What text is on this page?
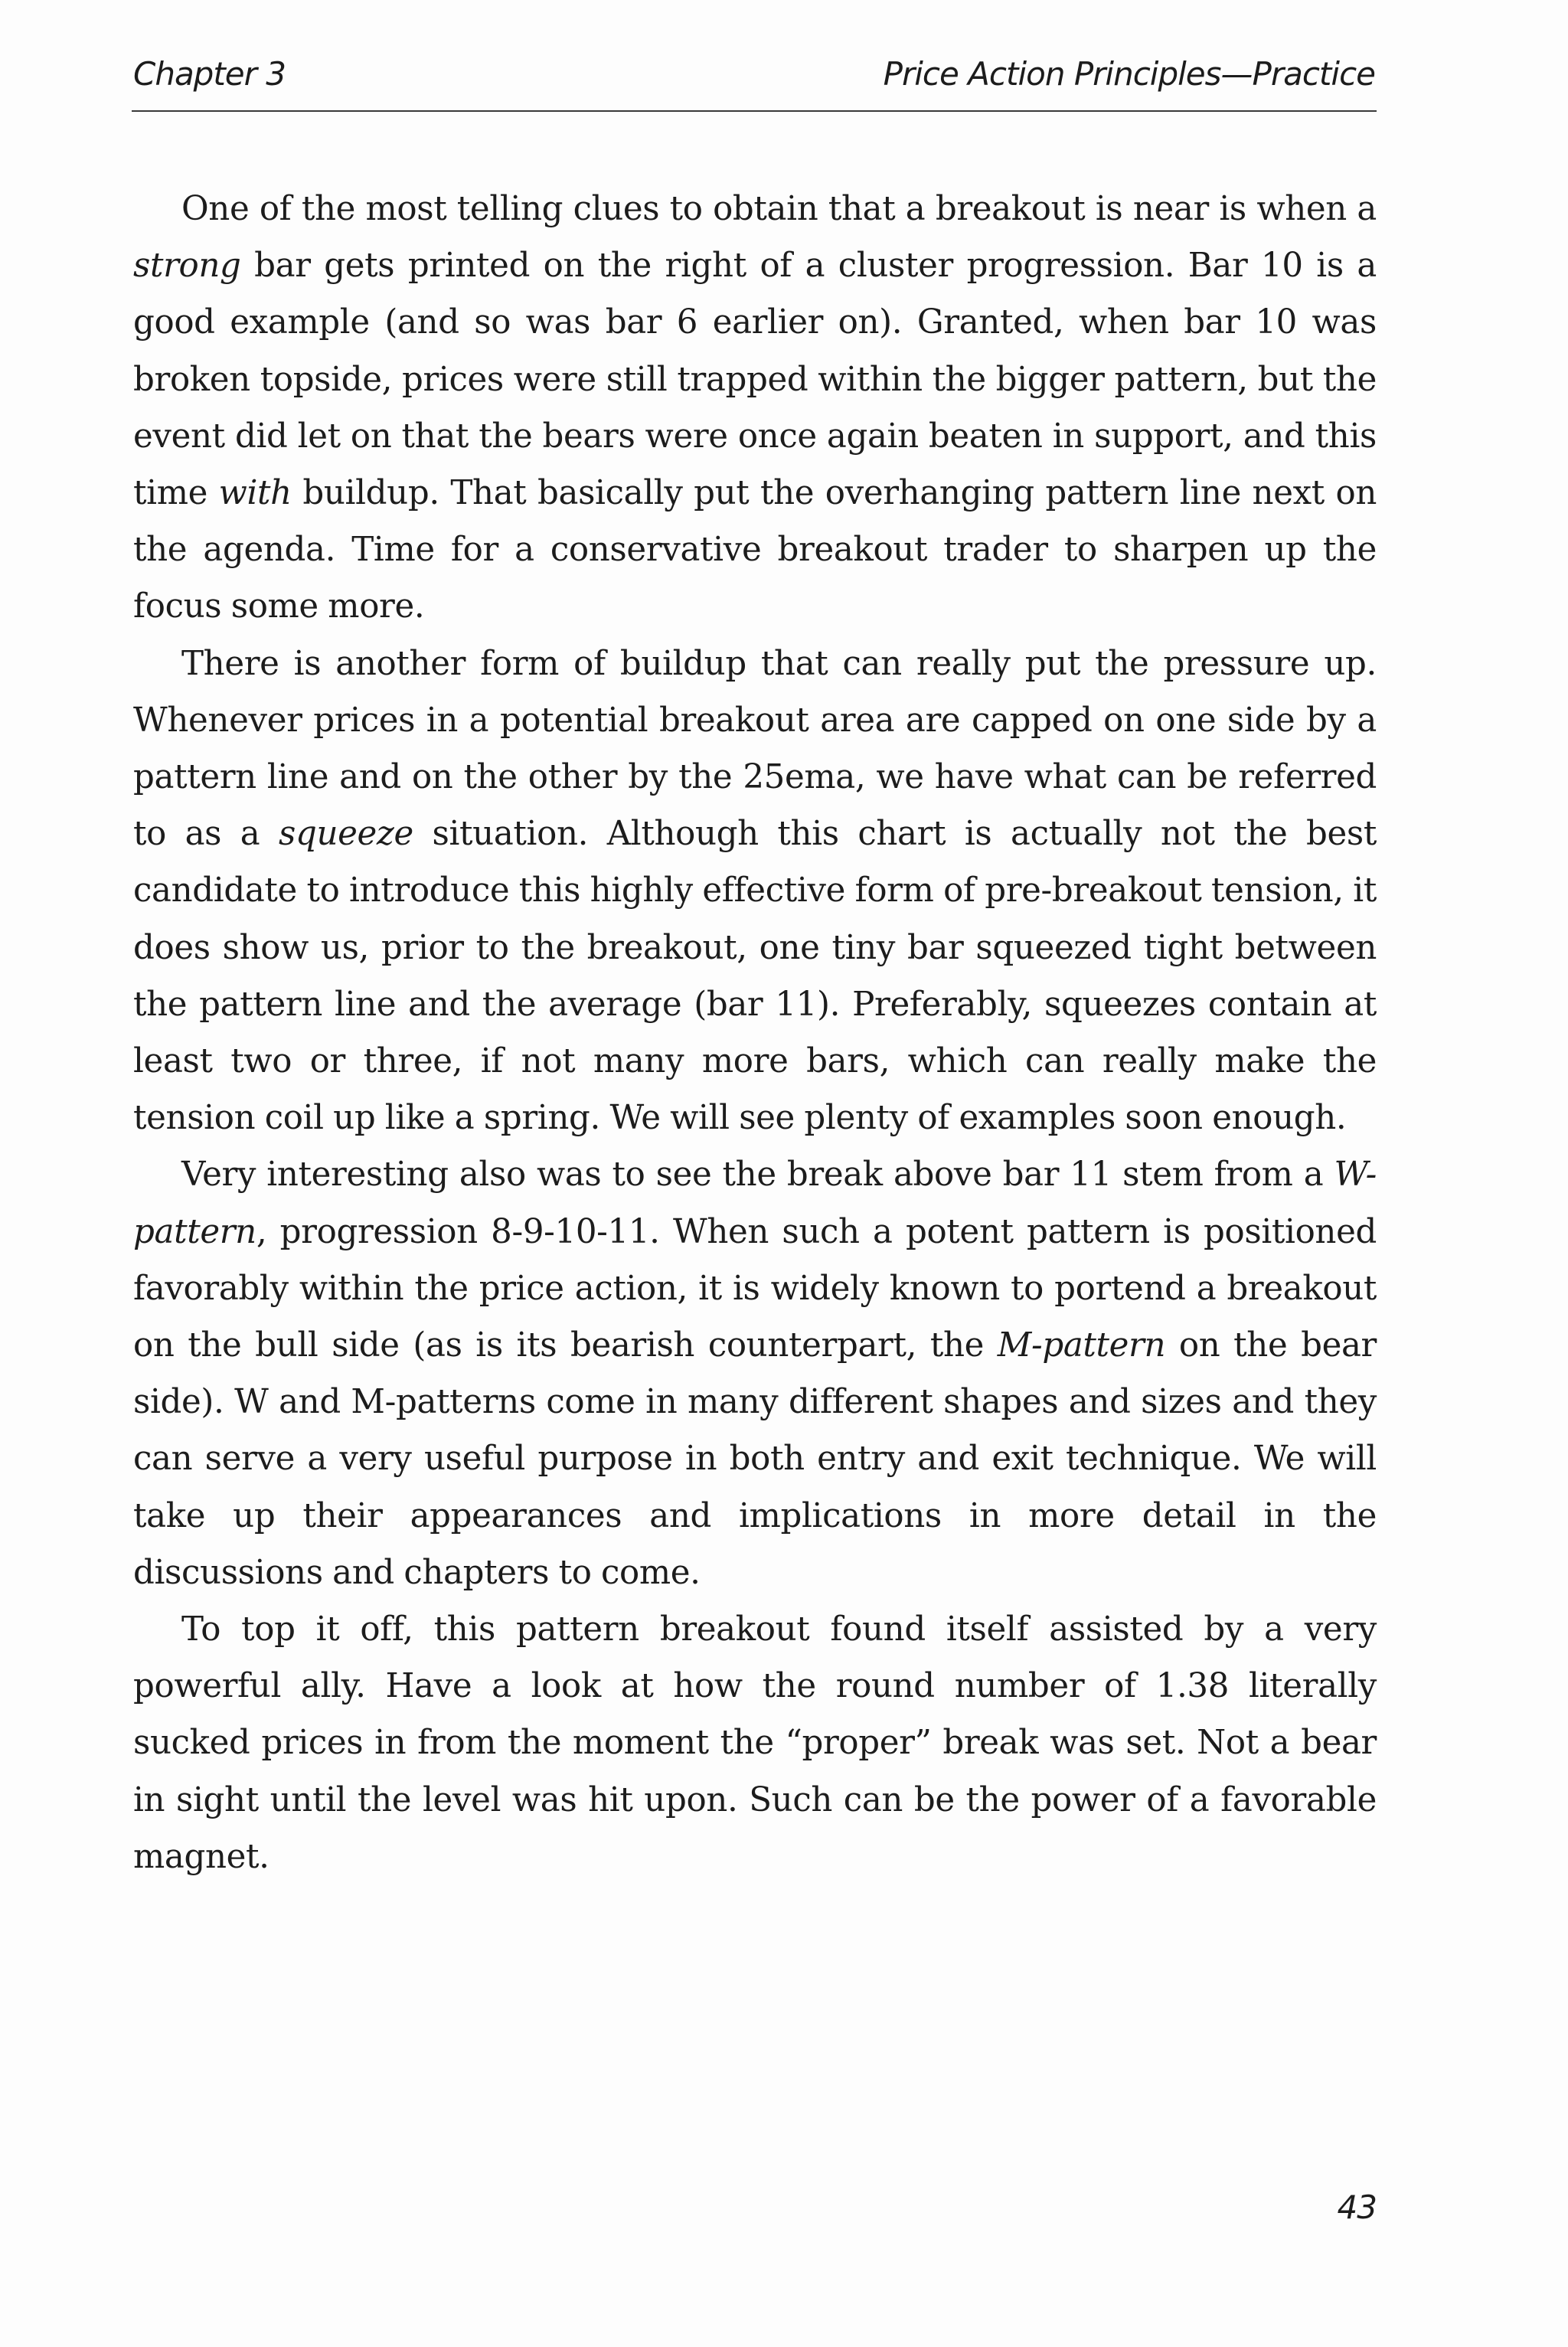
Chapter 3	Price Action Principles—Practice

One of the most telling clues to obtain that a breakout is near is when a strong bar gets printed on the right of a cluster progression. Bar 10 is a good example (and so was bar 6 earlier on). Granted, when bar 10 was broken topside, prices were still trapped within the bigger pattern, but the event did let on that the bears were once again beaten in support, and this time with buildup. That basically put the overhanging pattern line next on the agenda. Time for a conservative breakout trader to sharpen up the focus some more.

There is another form of buildup that can really put the pressure up. Whenever prices in a potential breakout area are capped on one side by a pattern line and on the other by the 25ema, we have what can be referred to as a squeeze situation. Although this chart is actually not the best candidate to introduce this highly effective form of pre-breakout tension, it does show us, prior to the breakout, one tiny bar squeezed tight between the pattern line and the average (bar 11). Preferably, squeezes contain at least two or three, if not many more bars, which can really make the tension coil up like a spring. We will see plenty of examples soon enough.

Very interesting also was to see the break above bar 11 stem from a W-pattern, progression 8-9-10-11. When such a potent pattern is positioned favorably within the price action, it is widely known to portend a breakout on the bull side (as is its bearish counterpart, the M-pattern on the bear side). W and M-patterns come in many different shapes and sizes and they can serve a very useful purpose in both entry and exit technique. We will take up their appearances and implications in more detail in the discussions and chapters to come.

To top it off, this pattern breakout found itself assisted by a very powerful ally. Have a look at how the round number of 1.38 literally sucked prices in from the moment the “proper” break was set. Not a bear in sight until the level was hit upon. Such can be the power of a favorable magnet.

43
